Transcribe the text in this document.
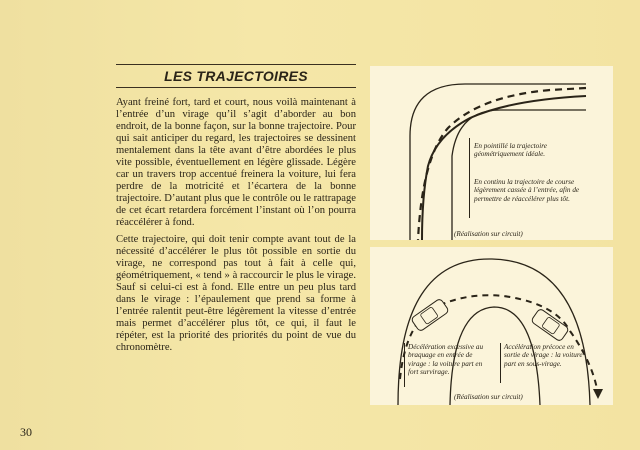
LES TRAJECTOIRES

Ayant freiné fort, tard et court, nous voilà maintenant à l’entrée d’un virage qu’il s’agit d’aborder au bon endroit, de la bonne façon, sur la bonne trajectoire. Pour qui sait anticiper du regard, les trajectoires se dessinent mentalement dans la tête avant d’être abordées le plus vite possible, éventuellement en légère glissade. Légère car un travers trop accentué freinera la voiture, lui fera perdre de la motricité et l’écartera de la bonne trajectoire. D’autant plus que le contrôle ou le rattrapage de cet écart retardera forcément l’instant où l’on pourra réaccélérer à fond.

Cette trajectoire, qui doit tenir compte avant tout de la nécessité d’accélérer le plus tôt possible en sortie du virage, ne correspond pas tout à fait à celle qui, géométriquement, « tend » à raccourcir le plus le virage. Sauf si celui-ci est à fond. Elle entre un peu plus tard dans le virage : l’épaulement que prend sa forme à l’entrée ralentit peut-être légèrement la vitesse d’entrée mais permet d’accélérer plus tôt, ce qui, il faut le répéter, est la priorité des priorités du point de vue du chronomètre.

En pointillé la trajectoire géométriquement idéale.
En continu la trajectoire de course légèrement cassée à l’entrée, afin de permettre de réaccélérer plus tôt.
(Réalisation sur circuit)
Décélération excessive au braquage en entrée de virage : la voiture part en fort survirage.
Accélération précoce en sortie de virage : la voiture part en sous-virage.
(Réalisation sur circuit)
30
